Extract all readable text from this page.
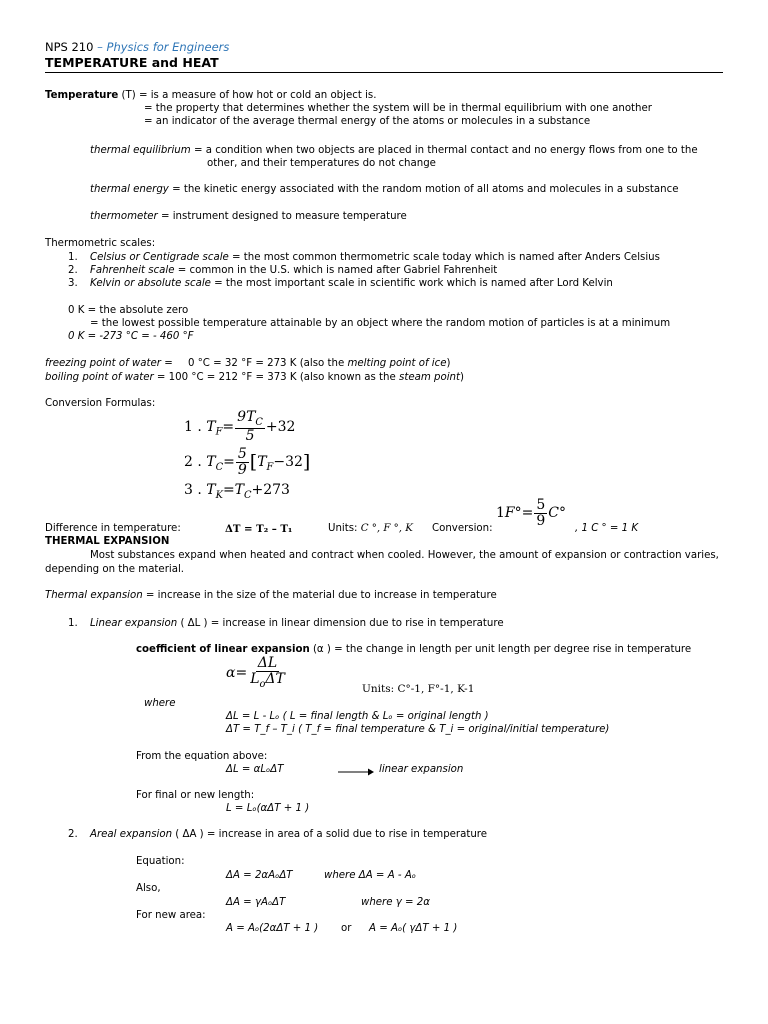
NPS 210 – Physics for Engineers
TEMPERATURE and HEAT
Temperature (T) = is a measure of how hot or cold an object is.
= the property that determines whether the system will be in thermal equilibrium with one another
= an indicator of the average thermal energy of the atoms or molecules in a substance
thermal equilibrium = a condition when two objects are placed in thermal contact and no energy flows from one to the
other, and their temperatures do not change
thermal energy = the kinetic energy associated with the random motion of all atoms and molecules in a substance
thermometer = instrument designed to measure temperature
Thermometric scales:
1. Celsius or Centigrade scale = the most common thermometric scale today which is named after Anders Celsius
2. Fahrenheit scale = common in the U.S. which is named after Gabriel Fahrenheit
3. Kelvin or absolute scale = the most important scale in scientific work which is named after Lord Kelvin
0 K = the absolute zero
= the lowest possible temperature attainable by an object where the random motion of particles is at a minimum
0 K = -273 °C = - 460 °F
freezing point of water = 0 °C = 32 °F = 273 K (also the melting point of ice)
boiling point of water = 100 °C = 212 °F = 373 K (also known as the steam point)
Conversion Formulas:
1 . $T_F= \frac{9T_C}{5} +32$
2 . $T_C= \frac{5}{9} [T_F-32]$
3 . $T_K=T_C+273$
Difference in temperature:	ΔT = T₂ – T₁	Units: C °, F °, K Conversion:
$1F^\circ= \frac{5}{9} C^\circ$
, 1 C ° = 1 K
THERMAL EXPANSION
Most substances expand when heated and contract when cooled. However, the amount of expansion or contraction varies,
depending on the material.
Thermal expansion = increase in the size of the material due to increase in temperature
1. Linear expansion ( ΔL ) = increase in linear dimension due to rise in temperature
coefficient of linear expansion (α ) = the change in length per unit length per degree rise in temperature
$\alpha= \frac{\Delta L}{L_o\Delta T}$	Units: C°-1, F°-1, K-1
where
ΔL = L - Lₒ ( L = final length & Lₒ = original length )
ΔT = T_f – T_i ( T_f = final temperature & T_i = original/initial temperature)
From the equation above:
ΔL = αLₒΔT	linear expansion
For final or new length:
L = Lₒ(αΔT + 1 )
2. Areal expansion ( ΔA ) = increase in area of a solid due to rise in temperature
Equation:
ΔA = 2αAₒΔT	where ΔA = A - Aₒ
Also,
ΔA = γAₒΔT	where γ = 2α
For new area:
A = Aₒ(2αΔT + 1 ) or A = Aₒ( γΔT + 1 )
